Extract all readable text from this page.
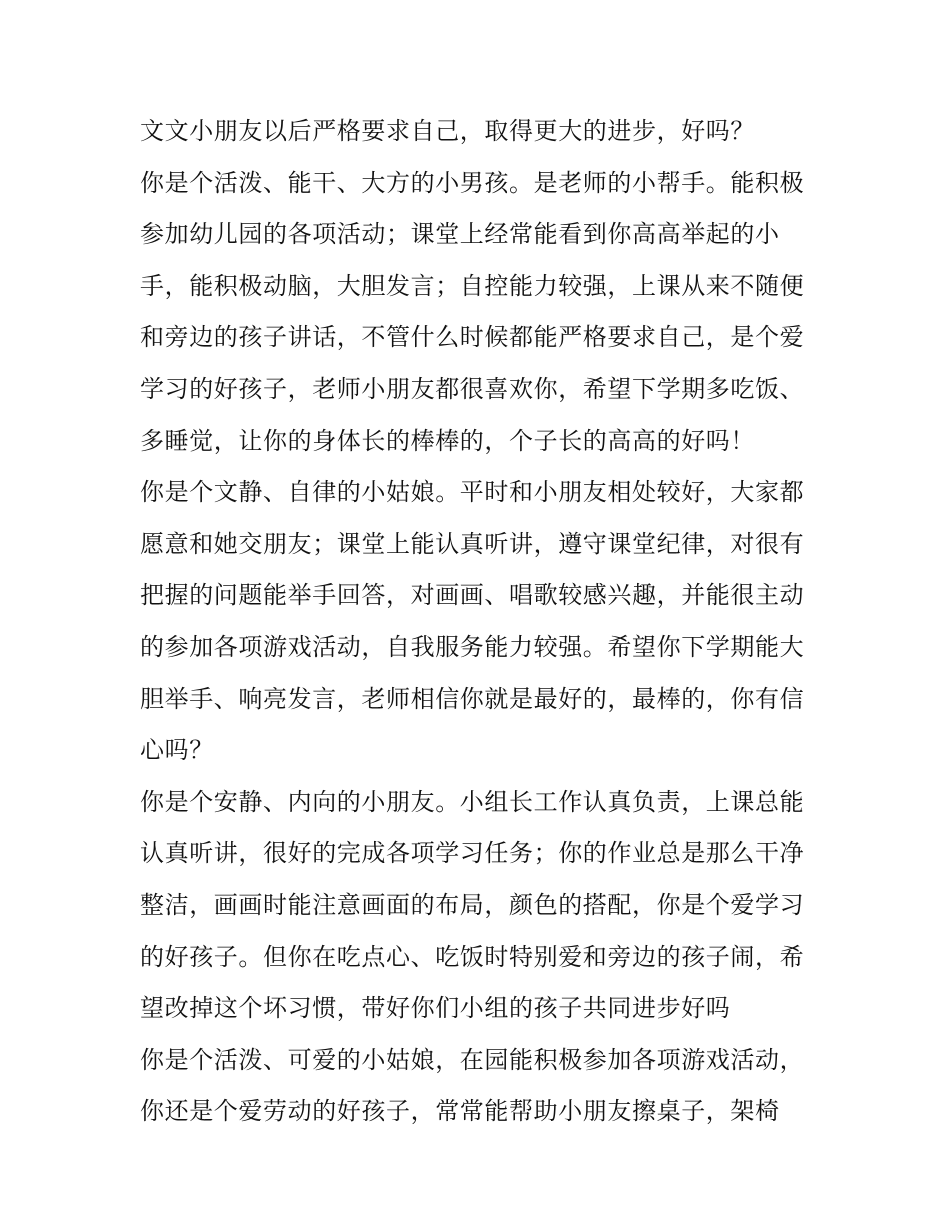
文文小朋友以后严格要求自己，取得更大的进步，好吗？

你是个活泼、能干、大方的小男孩。是老师的小帮手。能积极
参加幼儿园的各项活动；课堂上经常能看到你高高举起的小
手，能积极动脑，大胆发言；自控能力较强，上课从来不随便
和旁边的孩子讲话，不管什么时候都能严格要求自己，是个爱
学习的好孩子，老师小朋友都很喜欢你，希望下学期多吃饭、
多睡觉，让你的身体长的棒棒的，个子长的高高的好吗！

你是个文静、自律的小姑娘。平时和小朋友相处较好，大家都
愿意和她交朋友；课堂上能认真听讲，遵守课堂纪律，对很有
把握的问题能举手回答，对画画、唱歌较感兴趣，并能很主动
的参加各项游戏活动，自我服务能力较强。希望你下学期能大
胆举手、响亮发言，老师相信你就是最好的，最棒的，你有信
心吗？

你是个安静、内向的小朋友。小组长工作认真负责，上课总能
认真听讲，很好的完成各项学习任务；你的作业总是那么干净
整洁，画画时能注意画面的布局，颜色的搭配，你是个爱学习
的好孩子。但你在吃点心、吃饭时特别爱和旁边的孩子闹，希
望改掉这个坏习惯，带好你们小组的孩子共同进步好吗

你是个活泼、可爱的小姑娘，在园能积极参加各项游戏活动，
你还是个爱劳动的好孩子，常常能帮助小朋友擦桌子，架椅
